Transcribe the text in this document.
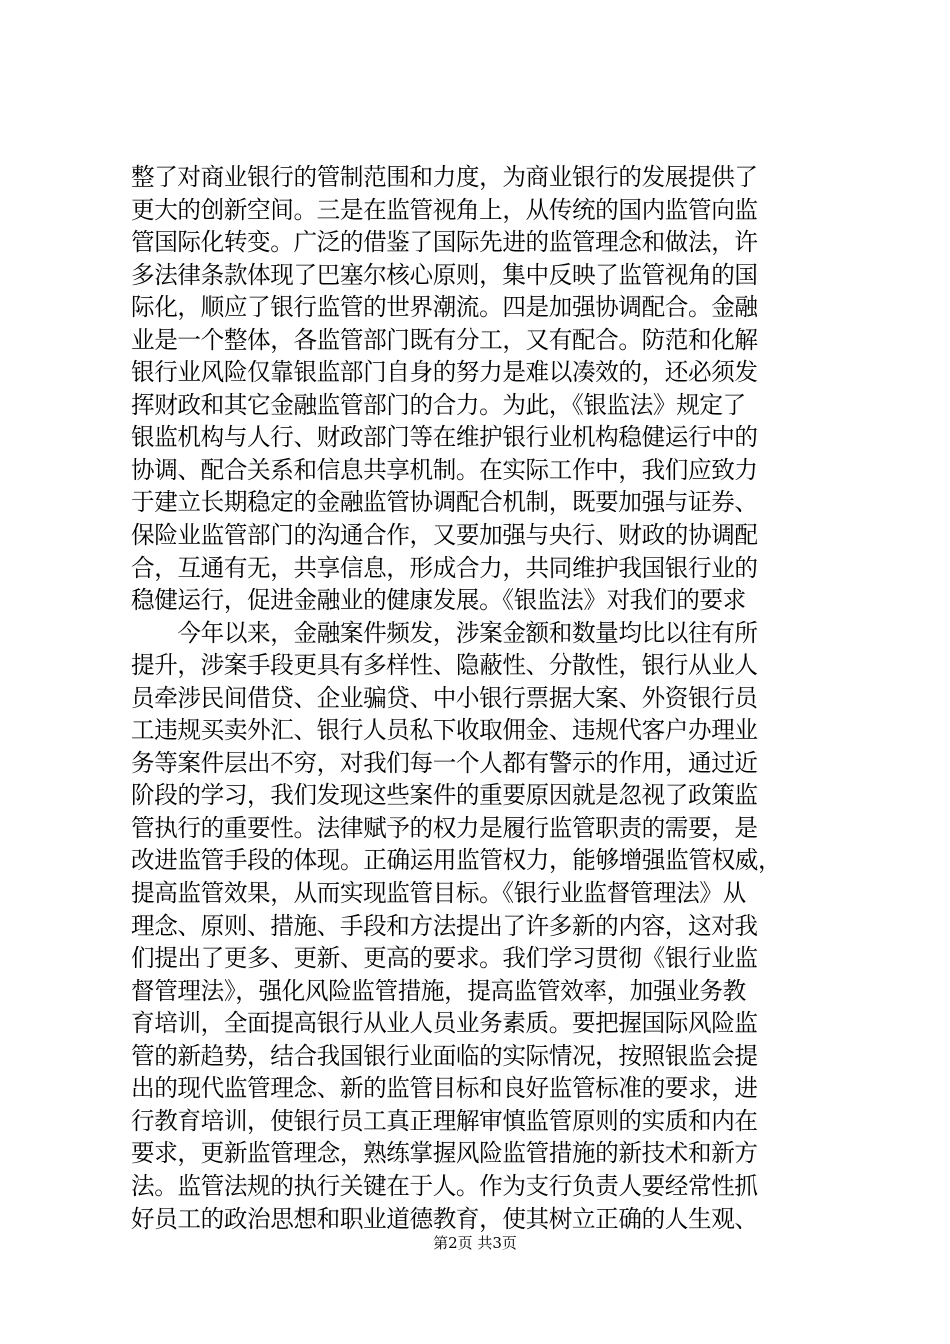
整了对商业银行的管制范围和力度，为商业银行的发展提供了
更大的创新空间。三是在监管视角上，从传统的国内监管向监
管国际化转变。广泛的借鉴了国际先进的监管理念和做法，许
多法律条款体现了巴塞尔核心原则，集中反映了监管视角的国
际化，顺应了银行监管的世界潮流。四是加强协调配合。金融
业是一个整体，各监管部门既有分工，又有配合。防范和化解
银行业风险仅靠银监部门自身的努力是难以凑效的，还必须发
挥财政和其它金融监管部门的合力。为此，《银监法》规定了
银监机构与人行、财政部门等在维护银行业机构稳健运行中的
协调、配合关系和信息共享机制。在实际工作中，我们应致力
于建立长期稳定的金融监管协调配合机制，既要加强与证券、
保险业监管部门的沟通合作，又要加强与央行、财政的协调配
合，互通有无，共享信息，形成合力，共同维护我国银行业的
稳健运行，促进金融业的健康发展。《银监法》对我们的要求
　　今年以来，金融案件频发，涉案金额和数量均比以往有所
提升，涉案手段更具有多样性、隐蔽性、分散性，银行从业人
员牵涉民间借贷、企业骗贷、中小银行票据大案、外资银行员
工违规买卖外汇、银行人员私下收取佣金、违规代客户办理业
务等案件层出不穷，对我们每一个人都有警示的作用，通过近
阶段的学习，我们发现这些案件的重要原因就是忽视了政策监
管执行的重要性。法律赋予的权力是履行监管职责的需要，是
改进监管手段的体现。正确运用监管权力，能够增强监管权威，
提高监管效果，从而实现监管目标。《银行业监督管理法》从
理念、原则、措施、手段和方法提出了许多新的内容，这对我
们提出了更多、更新、更高的要求。我们学习贯彻《银行业监
督管理法》，强化风险监管措施，提高监管效率，加强业务教
育培训，全面提高银行从业人员业务素质。要把握国际风险监
管的新趋势，结合我国银行业面临的实际情况，按照银监会提
出的现代监管理念、新的监管目标和良好监管标准的要求，进
行教育培训，使银行员工真正理解审慎监管原则的实质和内在
要求，更新监管理念，熟练掌握风险监管措施的新技术和新方
法。监管法规的执行关键在于人。作为支行负责人要经常性抓
好员工的政治思想和职业道德教育，使其树立正确的人生观、
第2页 共3页
